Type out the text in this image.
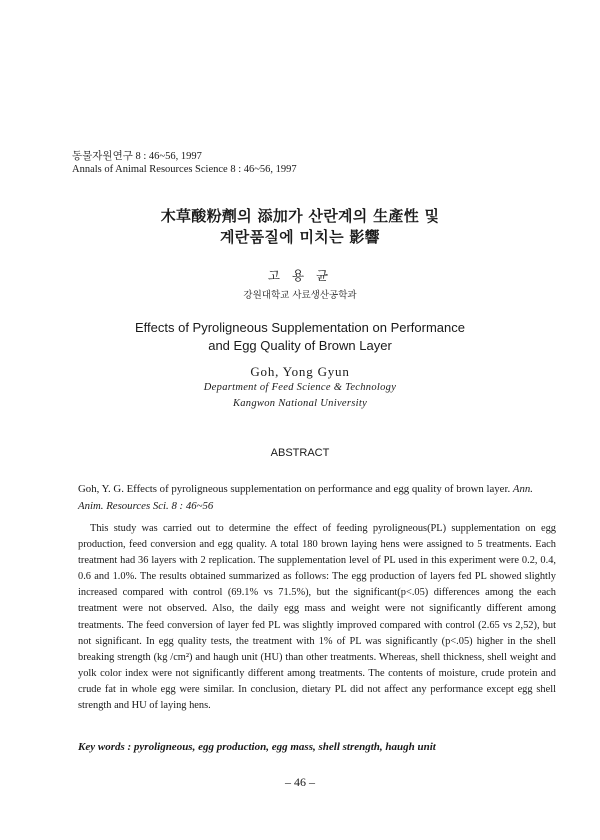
동물자원연구 8 : 46~56, 1997
Annals of Animal Resources Science 8 : 46~56, 1997
木草酸粉劑의 添加가 산란계의 生產性 및
계란품질에 미치는 影響
고 용 균
강원대학교 사료생산공학과
Effects of Pyroligneous Supplementation on Performance
and Egg Quality of Brown Layer
Goh, Yong Gyun
Department of Feed Science & Technology
Kangwon National University
ABSTRACT
Goh, Y. G. Effects of pyroligneous supplementation on performance and egg quality of brown layer. Ann. Anim. Resources Sci. 8 : 46~56

This study was carried out to determine the effect of feeding pyroligneous(PL) supplementation on egg production, feed conversion and egg quality. A total 180 brown laying hens were assigned to 5 treatments. Each treatment had 36 layers with 2 replication. The supplementation level of PL used in this experiment were 0.2, 0.4, 0.6 and 1.0%. The results obtained summarized as follows: The egg production of layers fed PL showed slightly increased compared with control (69.1% vs 71.5%), but the significant(p<.05) differences among the each treatment were not observed. Also, the daily egg mass and weight were not significantly different among treatments. The feed conversion of layer fed PL was slightly improved compared with control (2.65 vs 2,52), but not significant. In egg quality tests, the treatment with 1% of PL was significantly (p<.05) higher in the shell breaking strength (kg /cm²) and haugh unit (HU) than other treatments. Whereas, shell thickness, shell weight and yolk color index were not significantly different among treatments. The contents of moisture, crude protein and crude fat in whole egg were similar. In conclusion, dietary PL did not affect any performance except egg shell strength and HU of laying hens.

Key words : pyroligneous, egg production, egg mass, shell strength, haugh unit
– 46 –
